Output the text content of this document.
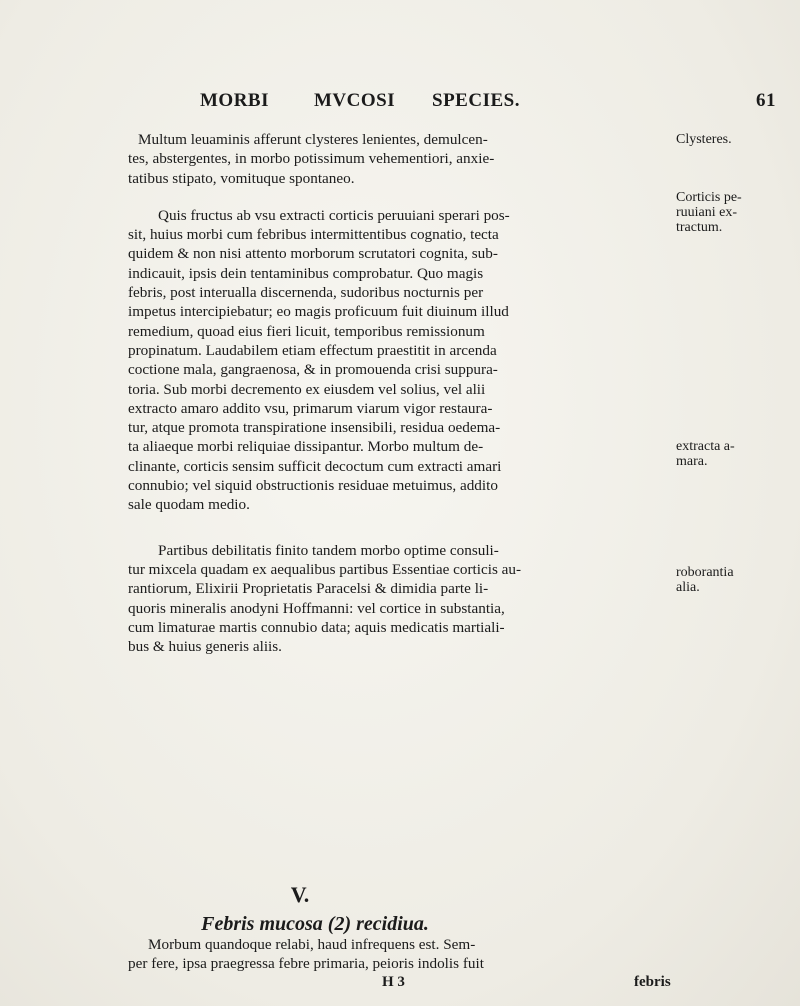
MORBI MVCOSI SPECIES.	61
Multum leuaminis afferunt clysteres lenientes, demulcen-
tes, abstergentes, in morbo potissimum vehementiori, anxie-
tatibus stipato, vomituque spontaneo.
Quis fructus ab vsu extracti corticis peruuiani sperari pos-
sit, huius morbi cum febribus intermittentibus cognatio, tecta
quidem & non nisi attento morborum scrutatori cognita, sub-
indicauit, ipsis dein tentaminibus comprobatur. Quo magis
febris, post interualla discernenda, sudoribus nocturnis per
impetus intercipiebatur; eo magis proficuum fuit diuinum illud
remedium, quoad eius fieri licuit, temporibus remissionum
propinatum. Laudabilem etiam effectum praestitit in arcenda
coctione mala, gangraenosa, & in promouenda crisi suppura-
toria. Sub morbi decremento ex eiusdem vel solius, vel alii
extracto amaro addito vsu, primarum viarum vigor restaura-
tur, atque promota transpiratione insensibili, residua oedema-
ta aliaeque morbi reliquiae dissipantur. Morbo multum de-
clinante, corticis sensim sufficit decoctum cum extracti amari
connubio; vel siquid obstructionis residuae metuimus, addito
sale quodam medio.
Partibus debilitatis finito tandem morbo optime consuli-
tur mixcela quadam ex aequalibus partibus Essentiae corticis au-
rantiorum, Elixirii Proprietatis Paracelsi & dimidia parte li-
quoris mineralis anodyni Hoffmanni: vel cortice in substantia,
cum limaturae martis connubio data; aquis medicatis martiali-
bus & huius generis aliis.
Clysteres.
Corticis pe-
ruuiani ex-
tractum.
extracta a-
mara.
roborantia
alia.
V.
Febris mucosa (2) recidiua.
Morbum quandoque relabi, haud infrequens est. Sem-
per fere, ipsa praegressa febre primaria, peioris indolis fuit
H 3	febris
